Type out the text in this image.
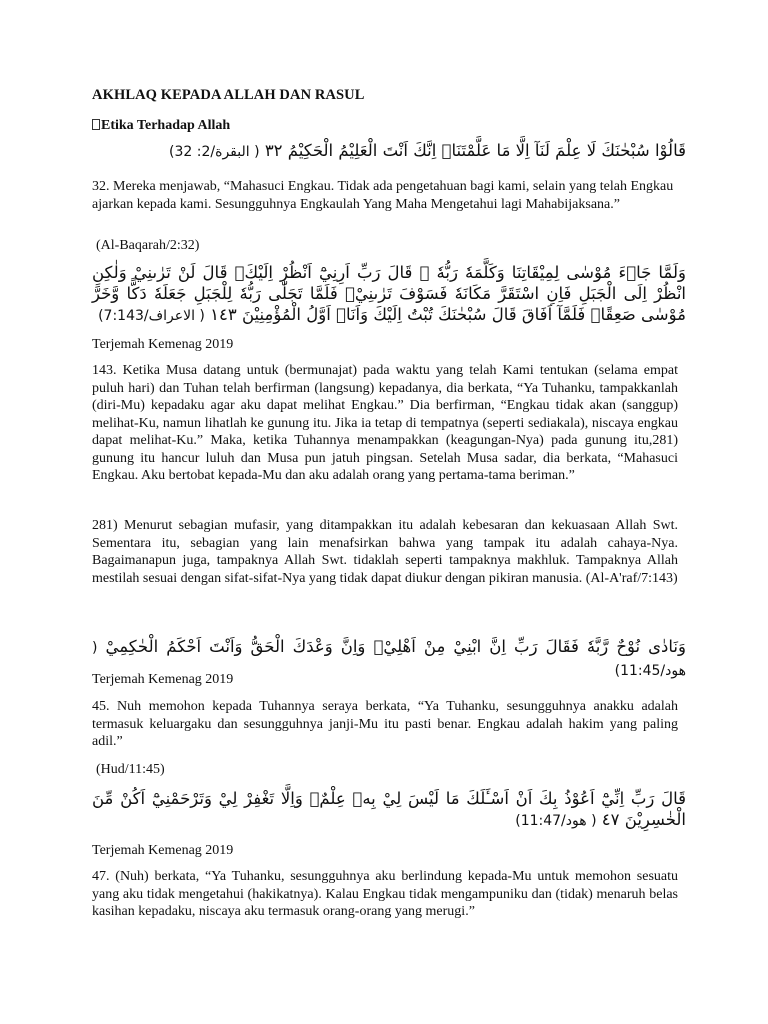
AKHLAQ KEPADA ALLAH DAN RASUL
Etika Terhadap Allah
قَالُوْا سُبْحٰنَكَ لَا عِلْمَ لَنَآ اِلَّا مَا عَلَّمْتَنَاۗ اِنَّكَ اَنْتَ الْعَلِيْمُ الْحَكِيْمُ ٣٢ ( البقرة/2: 32)
32. Mereka menjawab, “Mahasuci Engkau. Tidak ada pengetahuan bagi kami, selain yang telah Engkau ajarkan kepada kami. Sesungguhnya Engkaulah Yang Maha Mengetahui lagi Mahabijaksana.”
(Al-Baqarah/2:32)
وَلَمَّا جَاۤءَ مُوْسٰى لِمِيْقَاتِنَا وَكَلَّمَهٗ رَبُّهٗ ۙ قَالَ رَبِّ اَرِنِيْٓ اَنْظُرْ اِلَيْكَۗ قَالَ لَنْ تَرٰىنِيْ وَلٰكِنِ انْظُرْ اِلَى الْجَبَلِ فَاِنِ اسْتَقَرَّ مَكَانَهٗ فَسَوْفَ تَرٰىنِيْۚ فَلَمَّا تَجَلّٰى رَبُّهٗ لِلْجَبَلِ جَعَلَهٗ دَكًّا وَّخَرَّ مُوْسٰى صَعِقًاۚ فَلَمَّآ اَفَاقَ قَالَ سُبْحٰنَكَ تُبْتُ اِلَيْكَ وَاَنَا۠ اَوَّلُ الْمُؤْمِنِيْنَ ١٤٣ ( الاعراف/7:143)
Terjemah Kemenag 2019
143. Ketika Musa datang untuk (bermunajat) pada waktu yang telah Kami tentukan (selama empat puluh hari) dan Tuhan telah berfirman (langsung) kepadanya, dia berkata, “Ya Tuhanku, tampakkanlah (diri-Mu) kepadaku agar aku dapat melihat Engkau.” Dia berfirman, “Engkau tidak akan (sanggup) melihat-Ku, namun lihatlah ke gunung itu. Jika ia tetap di tempatnya (seperti sediakala), niscaya engkau dapat melihat-Ku.” Maka, ketika Tuhannya menampakkan (keagungan-Nya) pada gunung itu,281) gunung itu hancur luluh dan Musa pun jatuh pingsan. Setelah Musa sadar, dia berkata, “Mahasuci Engkau. Aku bertobat kepada-Mu dan aku adalah orang yang pertama-tama beriman.”
281) Menurut sebagian mufasir, yang ditampakkan itu adalah kebesaran dan kekuasaan Allah Swt. Sementara itu, sebagian yang lain menafsirkan bahwa yang tampak itu adalah cahaya-Nya. Bagaimanapun juga, tampaknya Allah Swt. tidaklah seperti tampaknya makhluk. Tampaknya Allah mestilah sesuai dengan sifat-sifat-Nya yang tidak dapat diukur dengan pikiran manusia. (Al-A'raf/7:143)
وَنَادٰى نُوْحٌ رَّبَّهٗ فَقَالَ رَبِّ اِنَّ ابْنِيْ مِنْ اَهْلِيْۚ وَاِنَّ وَعْدَكَ الْحَقُّ وَاَنْتَ اَحْكَمُ الْحٰكِمِيْ ( هود/11:45)
Terjemah Kemenag 2019
45. Nuh memohon kepada Tuhannya seraya berkata, “Ya Tuhanku, sesungguhnya anakku adalah termasuk keluargaku dan sesungguhnya janji-Mu itu pasti benar. Engkau adalah hakim yang paling adil.”
(Hud/11:45)
قَالَ رَبِّ اِنِّيْٓ اَعُوْذُ بِكَ اَنْ اَسْـَٔلَكَ مَا لَيْسَ لِيْ بِهٖ عِلْمٌۗ وَاِلَّا تَغْفِرْ لِيْ وَتَرْحَمْنِيْٓ اَكُنْ مِّنَ الْخٰسِرِيْنَ ٤٧ ( هود/11:47)
Terjemah Kemenag 2019
47. (Nuh) berkata, “Ya Tuhanku, sesungguhnya aku berlindung kepada-Mu untuk memohon sesuatu yang aku tidak mengetahui (hakikatnya). Kalau Engkau tidak mengampuniku dan (tidak) menaruh belas kasihan kepadaku, niscaya aku termasuk orang-orang yang merugi.”
